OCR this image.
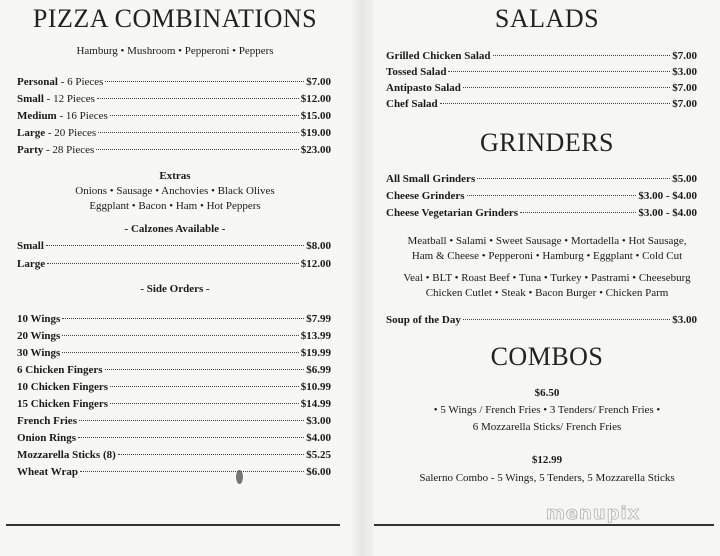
PIZZA COMBINATIONS

Hamburg • Mushroom • Pepperoni • Peppers

Personal - 6 Pieces	$7.00
Small - 12 Pieces	$12.00
Medium - 16 Pieces	$15.00
Large - 20 Pieces	$19.00
Party - 28 Pieces	$23.00
Extras
Onions • Sausage • Anchovies • Black Olives
Eggplant • Bacon • Ham • Hot Peppers
- Calzones Available -
Small	$8.00
Large	$12.00
- Side Orders -
10 Wings	$7.99
20 Wings	$13.99
30 Wings	$19.99
6 Chicken Fingers	$6.99
10 Chicken Fingers	$10.99
15 Chicken Fingers	$14.99
French Fries	$3.00
Onion Rings	$4.00
Mozzarella Sticks (8)	$5.25
Wheat Wrap	$6.00
SALADS
Grilled Chicken Salad	$7.00
Tossed Salad	$3.00
Antipasto Salad	$7.00
Chef Salad	$7.00
GRINDERS
All Small Grinders	$5.00
Cheese Grinders	$3.00 - $4.00
Cheese Vegetarian Grinders	$3.00 - $4.00
Meatball • Salami • Sweet Sausage • Mortadella • Hot Sausage,
Ham & Cheese • Pepperoni • Hamburg • Eggplant • Cold Cut
Veal • BLT • Roast Beef • Tuna • Turkey • Pastrami • Cheeseburg
Chicken Cutlet • Steak • Bacon Burger • Chicken Parm
Soup of the Day	$3.00
COMBOS
$6.50
• 5 Wings / French Fries • 3 Tenders/ French Fries •
6 Mozzarella Sticks/ French Fries
$12.99
Salerno Combo - 5 Wings, 5 Tenders, 5 Mozzarella Sticks
menupix
